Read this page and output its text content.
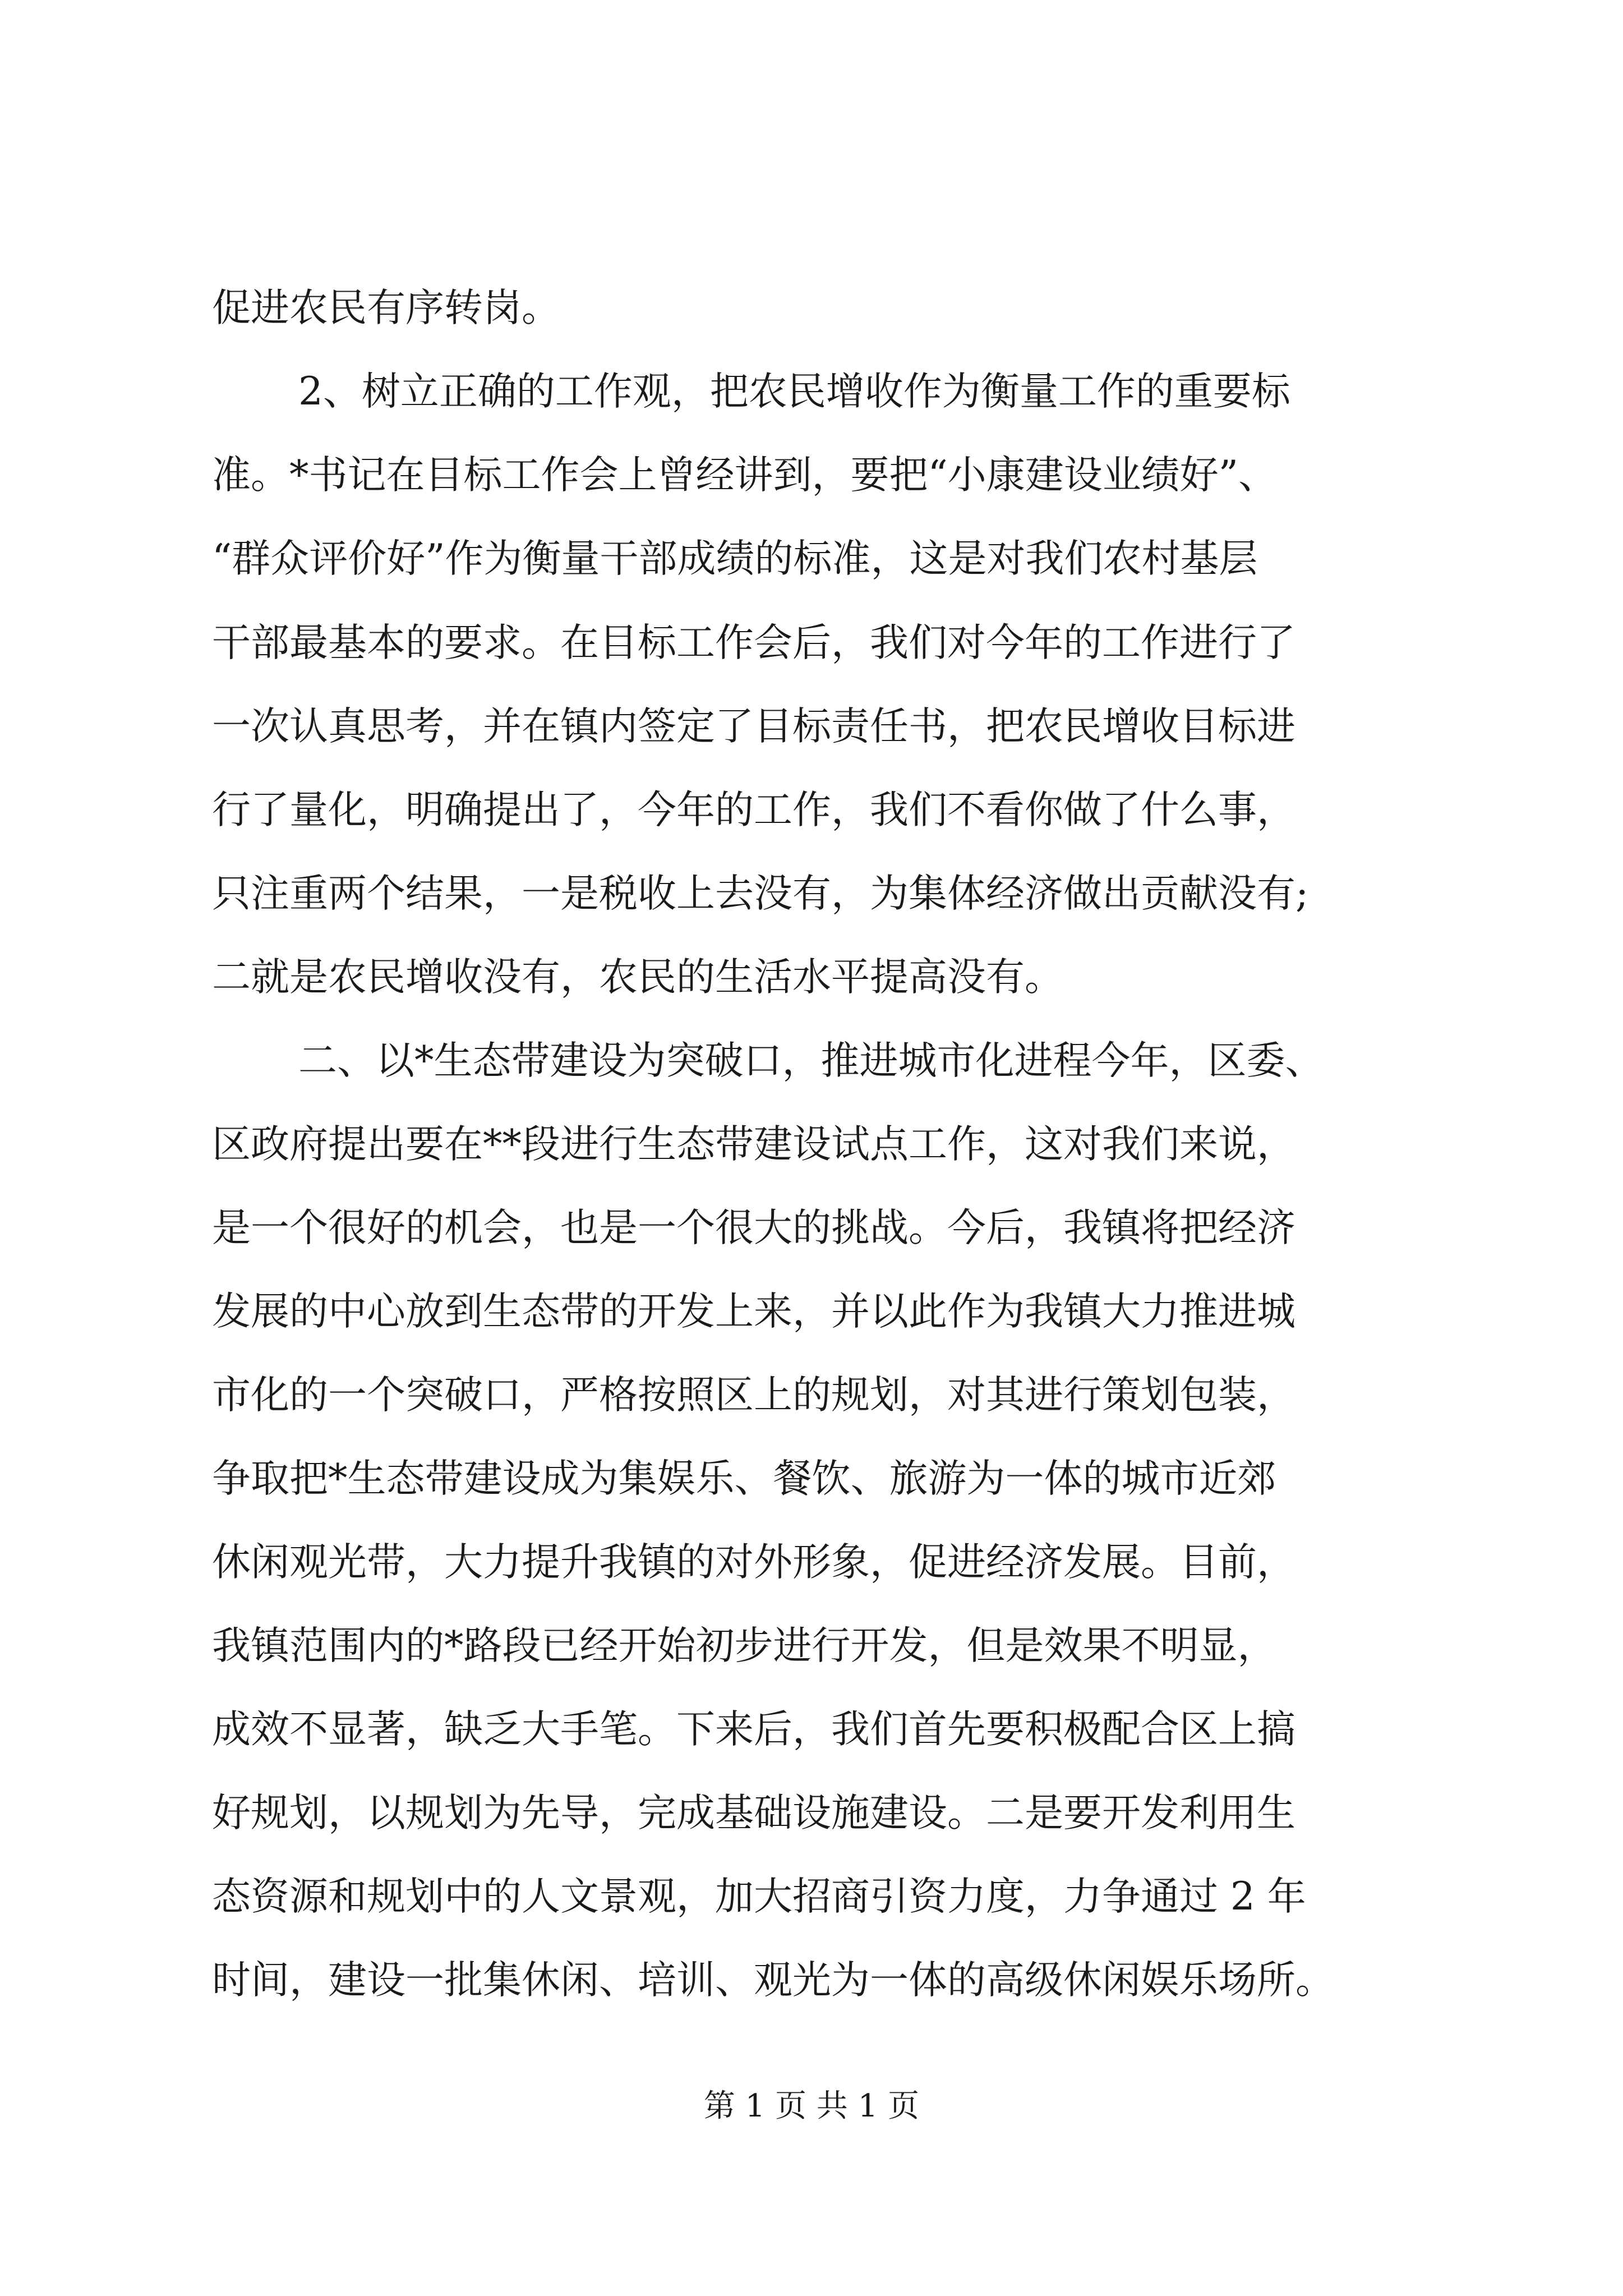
促进农民有序转岗。
2、树立正确的工作观，把农民增收作为衡量工作的重要标
准。*书记在目标工作会上曾经讲到，要把“小康建设业绩好”、
“群众评价好”作为衡量干部成绩的标准，这是对我们农村基层
干部最基本的要求。在目标工作会后，我们对今年的工作进行了
一次认真思考，并在镇内签定了目标责任书，把农民增收目标进
行了量化，明确提出了，今年的工作，我们不看你做了什么事，
只注重两个结果，一是税收上去没有，为集体经济做出贡献没有;
二就是农民增收没有，农民的生活水平提高没有。
二、以*生态带建设为突破口，推进城市化进程今年，区委、
区政府提出要在**段进行生态带建设试点工作，这对我们来说，
是一个很好的机会，也是一个很大的挑战。今后，我镇将把经济
发展的中心放到生态带的开发上来，并以此作为我镇大力推进城
市化的一个突破口，严格按照区上的规划，对其进行策划包装，
争取把*生态带建设成为集娱乐、餐饮、旅游为一体的城市近郊
休闲观光带，大力提升我镇的对外形象，促进经济发展。目前，
我镇范围内的*路段已经开始初步进行开发，但是效果不明显，
成效不显著，缺乏大手笔。下来后，我们首先要积极配合区上搞
好规划，以规划为先导，完成基础设施建设。二是要开发利用生
态资源和规划中的人文景观，加大招商引资力度，力争通过 2 年
时间，建设一批集休闲、培训、观光为一体的高级休闲娱乐场所。
第 1 页 共 1 页
